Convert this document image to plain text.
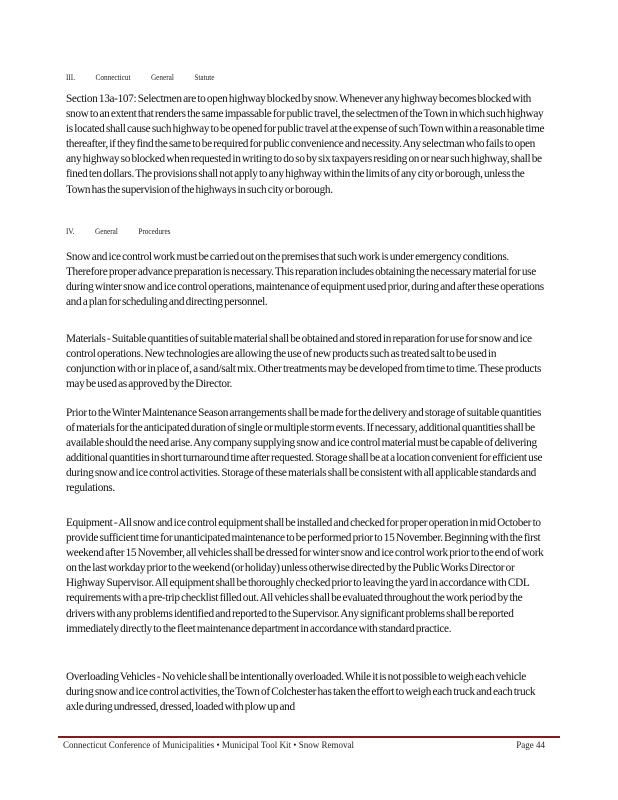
III. Connecticut General Statute

Section 13a-107: Selectmen are to open highway blocked by snow. Whenever any highway becomes blocked with snow to an extent that renders the same impassable for public travel, the selectmen of the Town in which such highway is located shall cause such highway to be opened for public travel at the expense of such Town within a reasonable time thereafter, if they find the same to be required for public convenience and necessity. Any selectman who fails to open any highway so blocked when requested in writing to do so by six taxpayers residing on or near such highway, shall be fined ten dollars. The provisions shall not apply to any highway within the limits of any city or borough, unless the Town has the supervision of the highways in such city or borough.

IV. General Procedures

Snow and ice control work must be carried out on the premises that such work is under emergency conditions. Therefore proper advance preparation is necessary. This reparation includes obtaining the necessary material for use during winter snow and ice control operations, maintenance of equipment used prior, during and after these operations and a plan for scheduling and directing personnel.

Materials - Suitable quantities of suitable material shall be obtained and stored in reparation for use for snow and ice control operations. New technologies are allowing the use of new products such as treated salt to be used in conjunction with or in place of, a sand/salt mix. Other treatments may be developed from time to time. These products may be used as approved by the Director.

Prior to the Winter Maintenance Season arrangements shall be made for the delivery and storage of suitable quantities of materials for the anticipated duration of single or multiple storm events. If necessary, additional quantities shall be available should the need arise. Any company supplying snow and ice control material must be capable of delivering additional quantities in short turnaround time after requested. Storage shall be at a location convenient for efficient use during snow and ice control activities. Storage of these materials shall be consistent with all applicable standards and regulations.

Equipment - All snow and ice control equipment shall be installed and checked for proper operation in mid October to provide sufficient time for unanticipated maintenance to be performed prior to 15 November. Beginning with the first weekend after 15 November, all vehicles shall be dressed for winter snow and ice control work prior to the end of work on the last workday prior to the weekend (or holiday) unless otherwise directed by the Public Works Director or Highway Supervisor. All equipment shall be thoroughly checked prior to leaving the yard in accordance with CDL requirements with a pre-trip checklist filled out. All vehicles shall be evaluated throughout the work period by the drivers with any problems identified and reported to the Supervisor. Any significant problems shall be reported immediately directly to the fleet maintenance department in accordance with standard practice.

Overloading Vehicles - No vehicle shall be intentionally overloaded. While it is not possible to weigh each vehicle during snow and ice control activities, the Town of Colchester has taken the effort to weigh each truck and each truck axle during undressed, dressed, loaded with plow up and

Connecticut Conference of Municipalities • Municipal Tool Kit • Snow Removal	Page 44
